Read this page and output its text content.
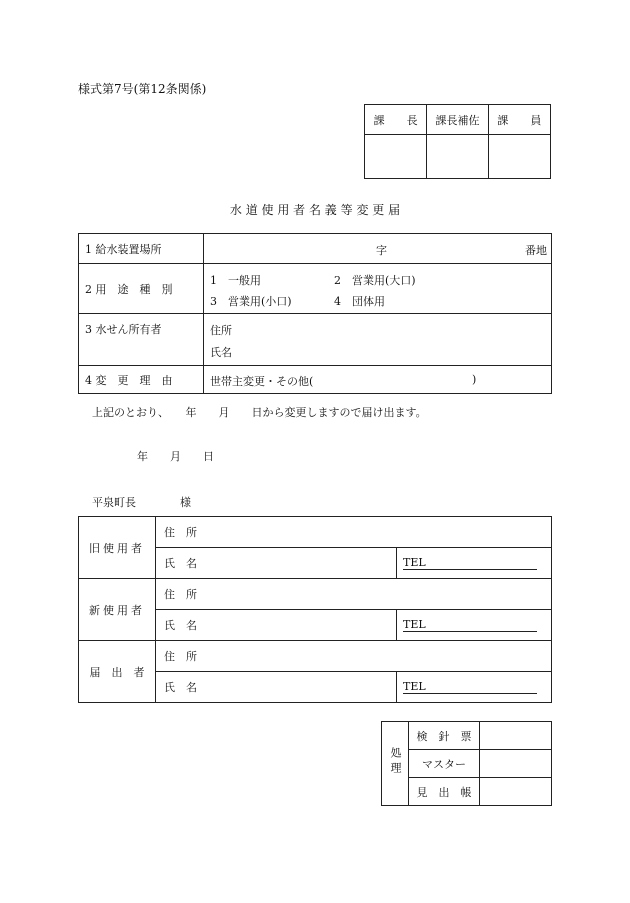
様式第7号(第12条関係)
課　　長	課長補佐	課　　員

水 道 使 用 者 名 義 等 変 更 届
1 給水装置場所	字 番地

2 用　途　種　別	1　一般用 2　営業用(大口)
3　営業用(小口) 4　団体用

3 水せん所有者	住所
氏名

4 変　更　理　由	世帯主変更・その他( )
上記のとおり、　　年　　月　　日から変更しますので届け出ます。
年　　月　　日
平泉町長　　　　様
旧使用者	住　所	
	氏　名	TEL
新使用者	住　所	
	氏　名	TEL
届　出　者	住　所	
	氏　名	TEL
処理	検　針　票	
	マスター	
	見　出　帳	
